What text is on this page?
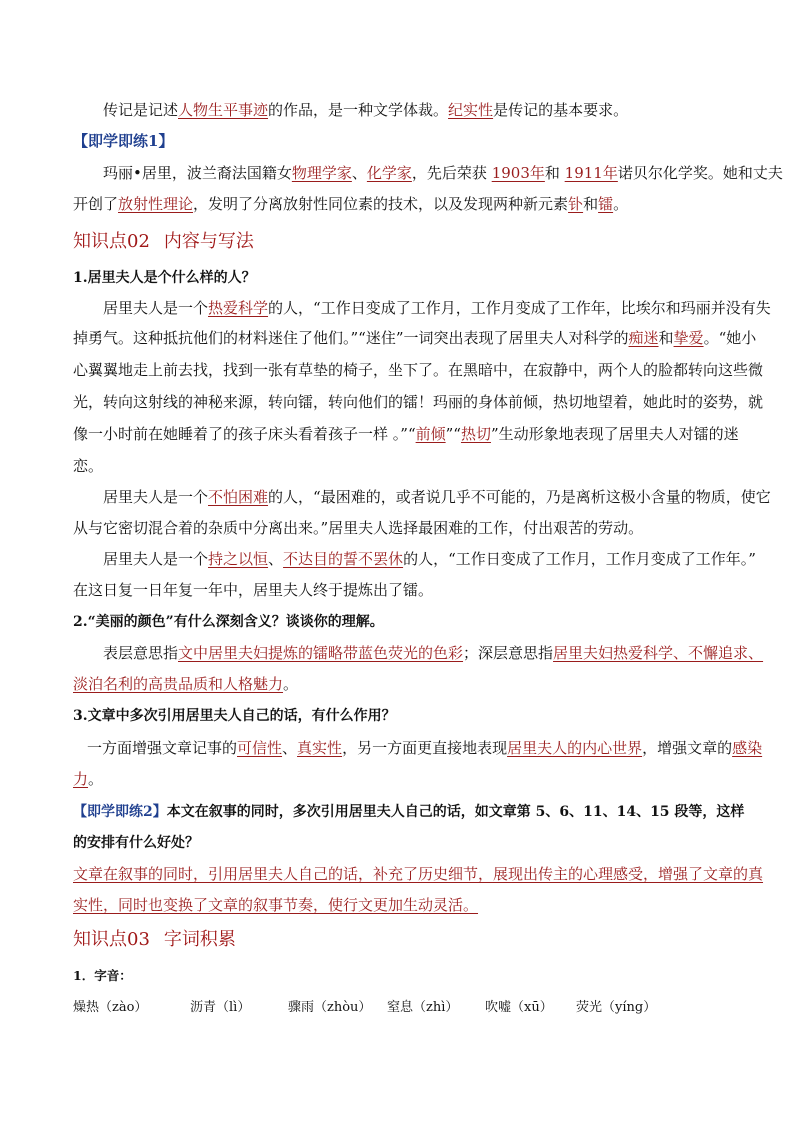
传记是记述人物生平事迹的作品，是一种文学体裁。纪实性是传记的基本要求。
【即学即练1】
玛丽•居里，波兰裔法国籍女物理学家、化学家，先后荣获 1903年和 1911年诺贝尔化学奖。她和丈夫
开创了放射性理论，发明了分离放射性同位素的技术，以及发现两种新元素钋和镭。
知识点02 内容与写法
1.居里夫人是个什么样的人？
居里夫人是一个热爱科学的人，“工作日变成了工作月，工作月变成了工作年，比埃尔和玛丽并没有失
掉勇气。这种抵抗他们的材料迷住了他们。”“迷住”一词突出表现了居里夫人对科学的痴迷和挚爱。“她小
心翼翼地走上前去找，找到一张有草垫的椅子，坐下了。在黑暗中，在寂静中，两个人的脸都转向这些微
光，转向这射线的神秘来源，转向镭，转向他们的镭！玛丽的身体前倾，热切地望着，她此时的姿势，就
像一小时前在她睡着了的孩子床头看着孩子一样 。”“前倾”“热切”生动形象地表现了居里夫人对镭的迷
恋。
居里夫人是一个不怕困难的人，“最困难的，或者说几乎不可能的，乃是离析这极小含量的物质，使它
从与它密切混合着的杂质中分离出来。”居里夫人选择最困难的工作，付出艰苦的劳动。
居里夫人是一个持之以恒、不达目的誓不罢休的人，“工作日变成了工作月，工作月变成了工作年。”
在这日复一日年复一年中，居里夫人终于提炼出了镭。
2.“美丽的颜色”有什么深刻含义？谈谈你的理解。
表层意思指文中居里夫妇提炼的镭略带蓝色荧光的色彩；深层意思指居里夫妇热爱科学、不懈追求、
淡泊名利的高贵品质和人格魅力。
3.文章中多次引用居里夫人自己的话，有什么作用？
一方面增强文章记事的可信性、真实性，另一方面更直接地表现居里夫人的内心世界，增强文章的感染
力。
【即学即练2】本文在叙事的同时，多次引用居里夫人自己的话，如文章第 5、6、11、14、15 段等，这样
的安排有什么好处？
文章在叙事的同时，引用居里夫人自己的话，补充了历史细节，展现出传主的心理感受，增强了文章的真
实性，同时也变换了文章的叙事节奏，使行文更加生动灵活。
知识点03 字词积累
1．字音：
燥热（zào）	沥青（lì）	骤雨（zhòu） 窒息（zhì） 吹嘘（xū） 荧光（yíng）
